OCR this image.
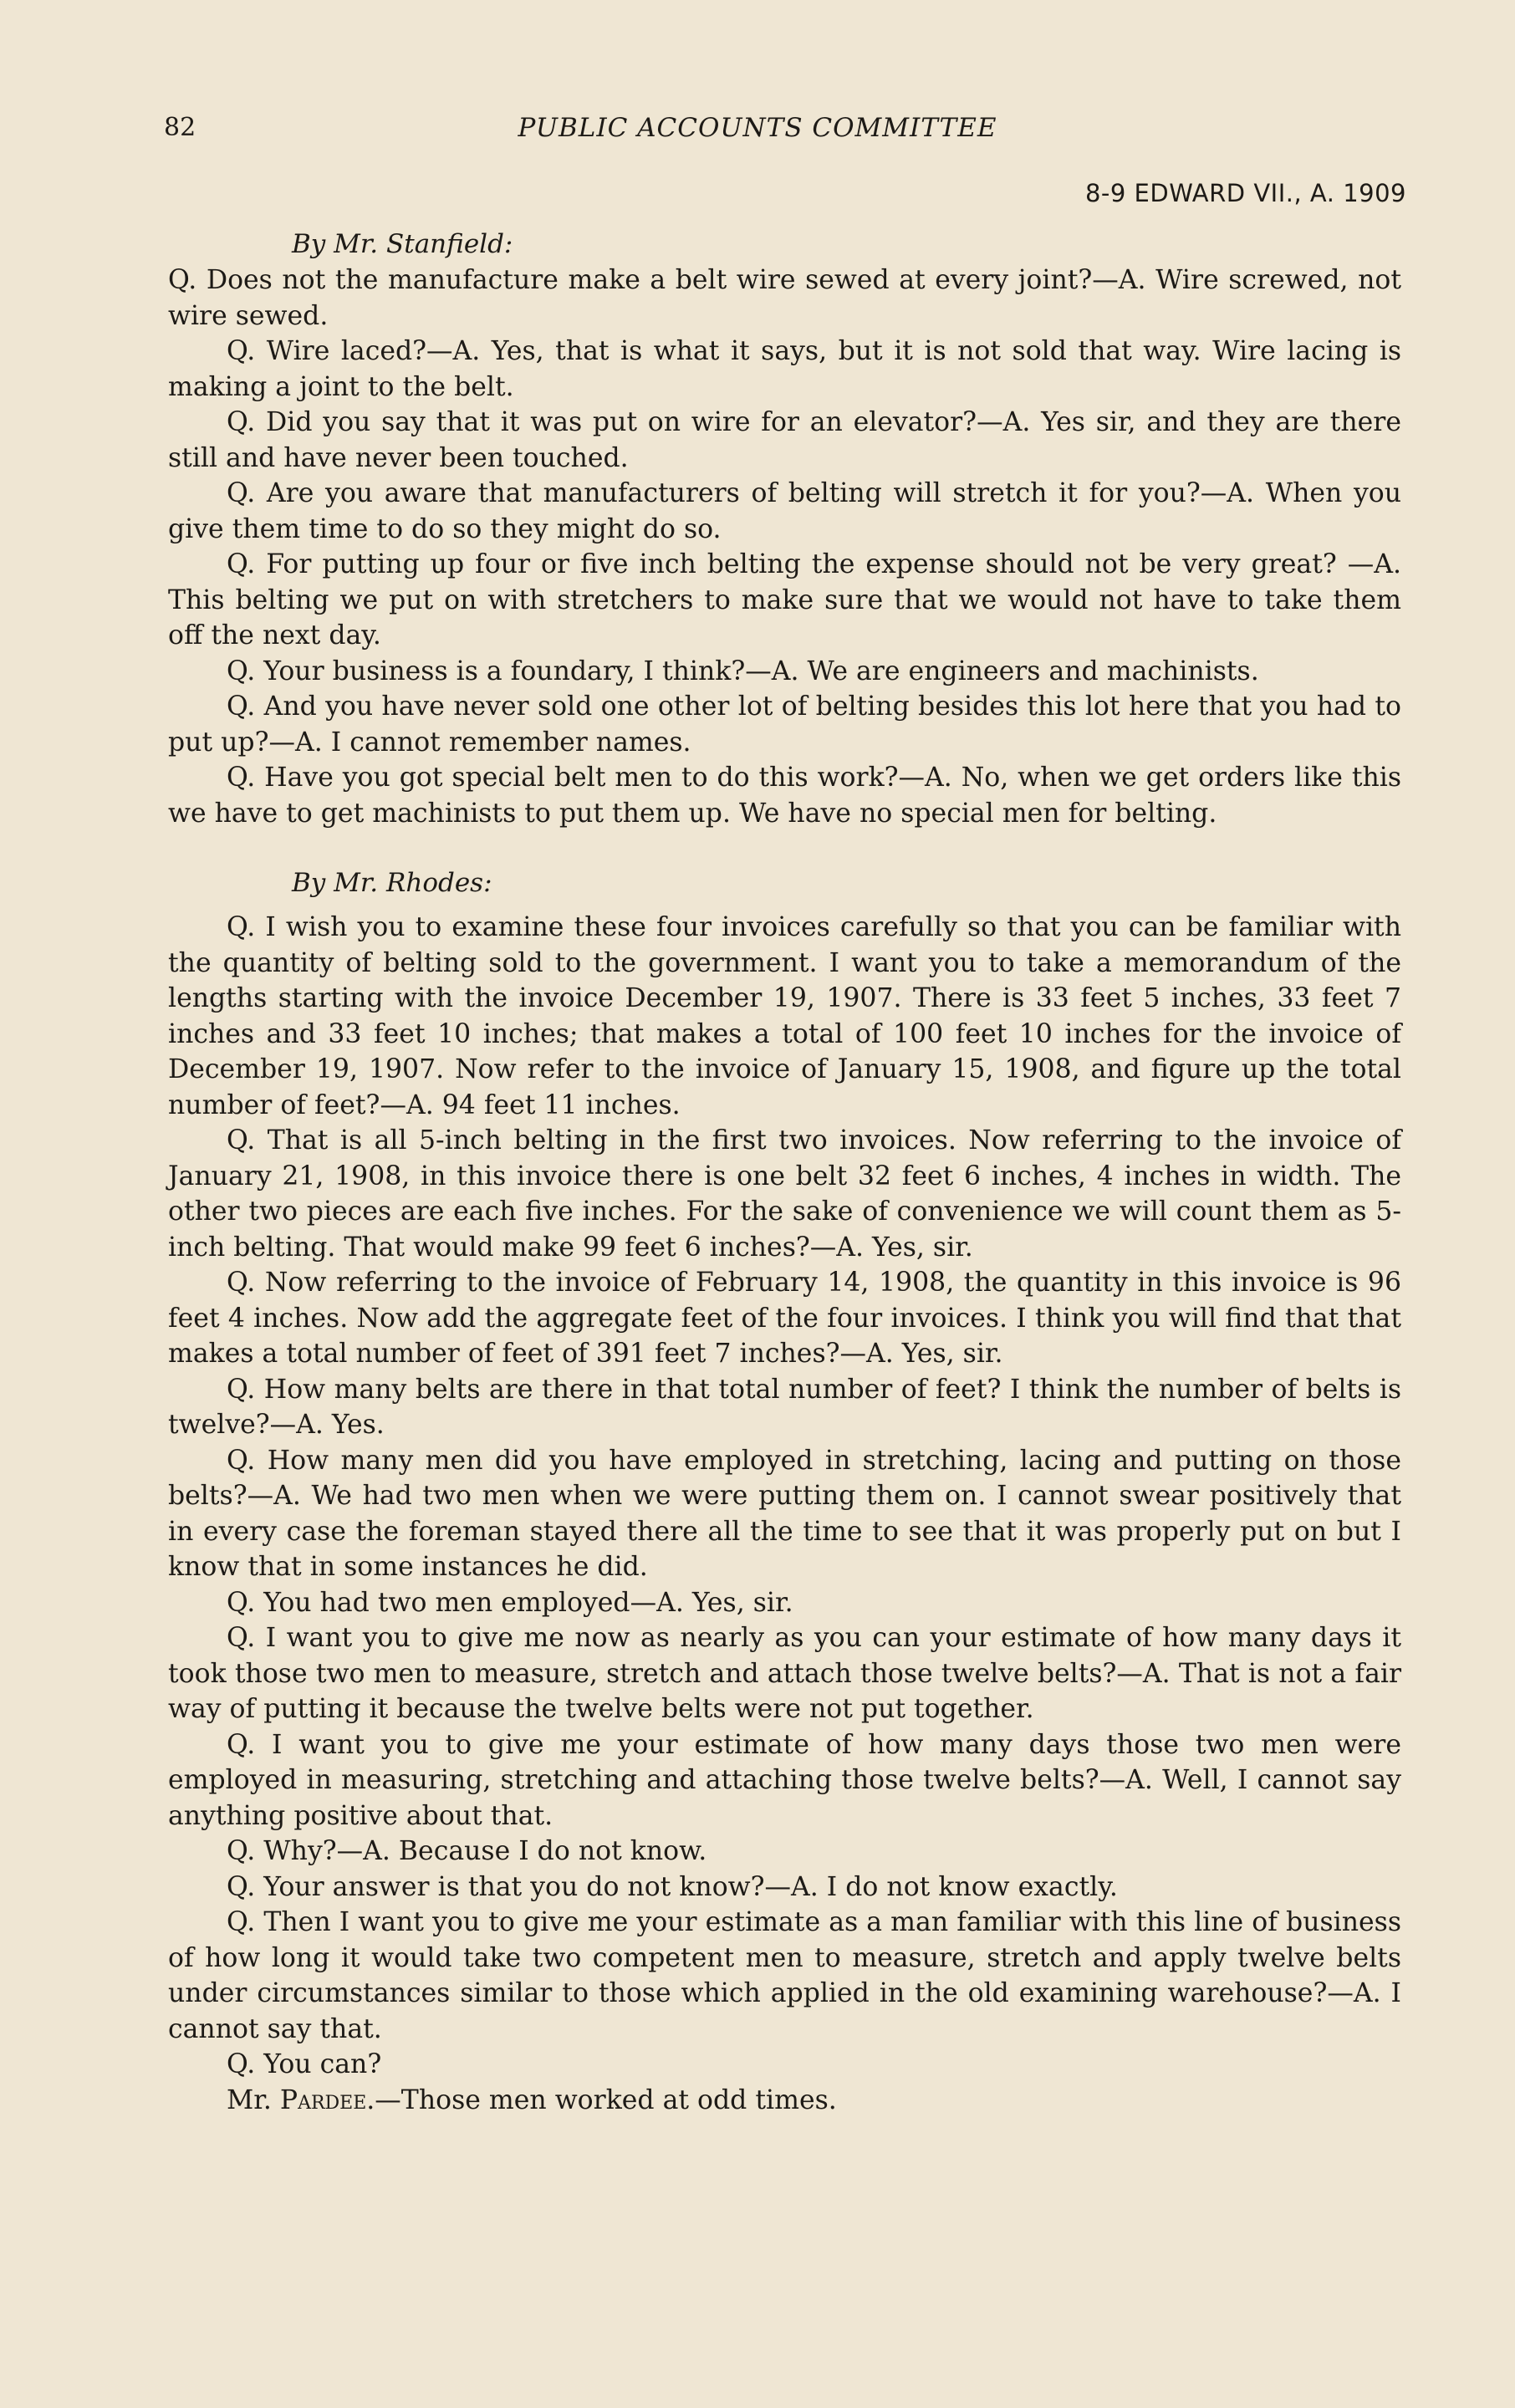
82	PUBLIC ACCOUNTS COMMITTEE
8-9 EDWARD VII., A. 1909
By Mr. Stanfield:

Q. Does not the manufacture make a belt wire sewed at every joint?—A. Wire screwed, not wire sewed.

Q. Wire laced?—A. Yes, that is what it says, but it is not sold that way. Wire lacing is making a joint to the belt.

Q. Did you say that it was put on wire for an elevator?—A. Yes sir, and they are there still and have never been touched.

Q. Are you aware that manufacturers of belting will stretch it for you?—A. When you give them time to do so they might do so.

Q. For putting up four or five inch belting the expense should not be very great? —A. This belting we put on with stretchers to make sure that we would not have to take them off the next day.

Q. Your business is a foundary, I think?—A. We are engineers and machinists.

Q. And you have never sold one other lot of belting besides this lot here that you had to put up?—A. I cannot remember names.

Q. Have you got special belt men to do this work?—A. No, when we get orders like this we have to get machinists to put them up. We have no special men for belting.

By Mr. Rhodes:

Q. I wish you to examine these four invoices carefully so that you can be familiar with the quantity of belting sold to the government. I want you to take a memorandum of the lengths starting with the invoice December 19, 1907. There is 33 feet 5 inches, 33 feet 7 inches and 33 feet 10 inches; that makes a total of 100 feet 10 inches for the invoice of December 19, 1907. Now refer to the invoice of January 15, 1908, and figure up the total number of feet?—A. 94 feet 11 inches.

Q. That is all 5-inch belting in the first two invoices. Now referring to the invoice of January 21, 1908, in this invoice there is one belt 32 feet 6 inches, 4 inches in width. The other two pieces are each five inches. For the sake of convenience we will count them as 5-inch belting. That would make 99 feet 6 inches?—A. Yes, sir.

Q. Now referring to the invoice of February 14, 1908, the quantity in this invoice is 96 feet 4 inches. Now add the aggregate feet of the four invoices. I think you will find that that makes a total number of feet of 391 feet 7 inches?—A. Yes, sir.

Q. How many belts are there in that total number of feet? I think the number of belts is twelve?—A. Yes.

Q. How many men did you have employed in stretching, lacing and putting on those belts?—A. We had two men when we were putting them on. I cannot swear positively that in every case the foreman stayed there all the time to see that it was properly put on but I know that in some instances he did.

Q. You had two men employed—A. Yes, sir.

Q. I want you to give me now as nearly as you can your estimate of how many days it took those two men to measure, stretch and attach those twelve belts?—A. That is not a fair way of putting it because the twelve belts were not put together.

Q. I want you to give me your estimate of how many days those two men were employed in measuring, stretching and attaching those twelve belts?—A. Well, I cannot say anything positive about that.

Q. Why?—A. Because I do not know.

Q. Your answer is that you do not know?—A. I do not know exactly.

Q. Then I want you to give me your estimate as a man familiar with this line of business of how long it would take two competent men to measure, stretch and apply twelve belts under circumstances similar to those which applied in the old examining warehouse?—A. I cannot say that.

Q. You can?

Mr. Pardee.—Those men worked at odd times.
